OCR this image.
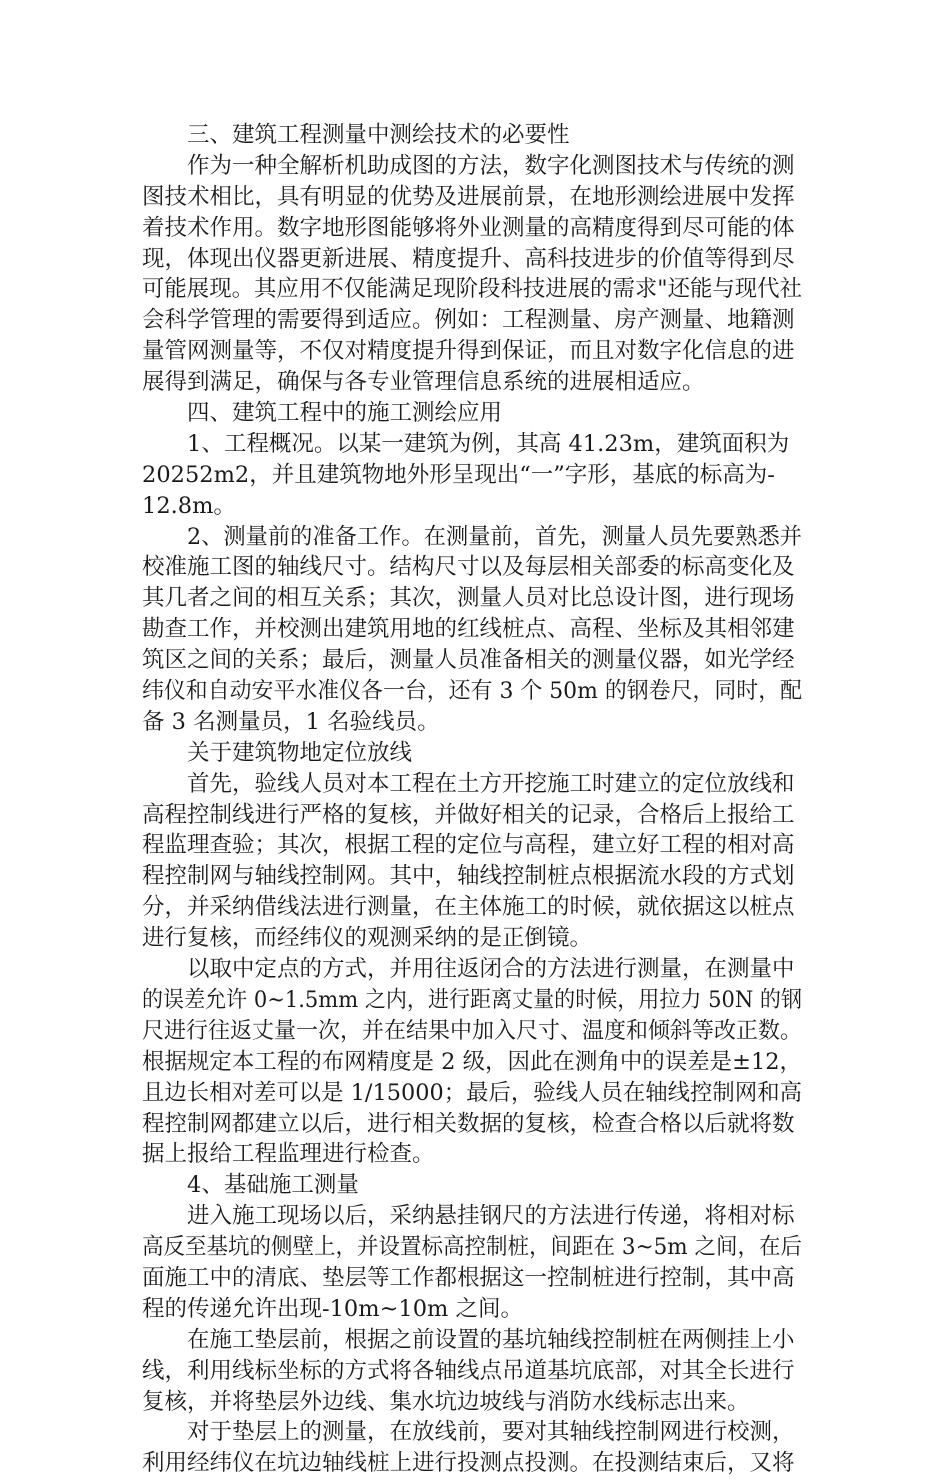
三、建筑工程测量中测绘技术的必要性
作为一种全解析机助成图的方法，数字化测图技术与传统的测
图技术相比，具有明显的优势及进展前景，在地形测绘进展中发挥
着技术作用。数字地形图能够将外业测量的高精度得到尽可能的体
现，体现出仪器更新进展、精度提升、高科技进步的价值等得到尽
可能展现。其应用不仅能满足现阶段科技进展的需求"还能与现代社
会科学管理的需要得到适应。例如：工程测量、房产测量、地籍测
量管网测量等，不仅对精度提升得到保证，而且对数字化信息的进
展得到满足，确保与各专业管理信息系统的进展相适应。
四、建筑工程中的施工测绘应用
1、工程概况。以某一建筑为例，其高 41.23m，建筑面积为
20252m2，并且建筑物地外形呈现出“一”字形，基底的标高为-
12.8m。
2、测量前的准备工作。在测量前，首先，测量人员先要熟悉并
校准施工图的轴线尺寸。结构尺寸以及每层相关部委的标高变化及
其几者之间的相互关系；其次，测量人员对比总设计图，进行现场
勘查工作，并校测出建筑用地的红线桩点、高程、坐标及其相邻建
筑区之间的关系；最后，测量人员准备相关的测量仪器，如光学经
纬仪和自动安平水准仪各一台，还有 3 个 50m 的钢卷尺，同时，配
备 3 名测量员，1 名验线员。
关于建筑物地定位放线
首先，验线人员对本工程在土方开挖施工时建立的定位放线和
高程控制线进行严格的复核，并做好相关的记录，合格后上报给工
程监理查验；其次，根据工程的定位与高程，建立好工程的相对高
程控制网与轴线控制网。其中，轴线控制桩点根据流水段的方式划
分，并采纳借线法进行测量，在主体施工的时候，就依据这以桩点
进行复核，而经纬仪的观测采纳的是正倒镜。
以取中定点的方式，并用往返闭合的方法进行测量，在测量中
的误差允许 0~1.5mm 之内，进行距离丈量的时候，用拉力 50N 的钢
尺进行往返丈量一次，并在结果中加入尺寸、温度和倾斜等改正数。
根据规定本工程的布网精度是 2 级，因此在测角中的误差是±12，
且边长相对差可以是 1/15000；最后，验线人员在轴线控制网和高
程控制网都建立以后，进行相关数据的复核，检查合格以后就将数
据上报给工程监理进行检查。
4、基础施工测量
进入施工现场以后，采纳悬挂钢尺的方法进行传递，将相对标
高反至基坑的侧壁上，并设置标高控制桩，间距在 3~5m 之间，在后
面施工中的清底、垫层等工作都根据这一控制桩进行控制，其中高
程的传递允许出现-10m~10m 之间。
在施工垫层前，根据之前设置的基坑轴线控制桩在两侧挂上小
线，利用线标坐标的方式将各轴线点吊道基坑底部，对其全长进行
复核，并将垫层外边线、集水坑边坡线与消防水线标志出来。
对于垫层上的测量，在放线前，要对其轴线控制网进行校测，
利用经纬仪在坑边轴线桩上进行投测点投测。在投测结束后，又将
